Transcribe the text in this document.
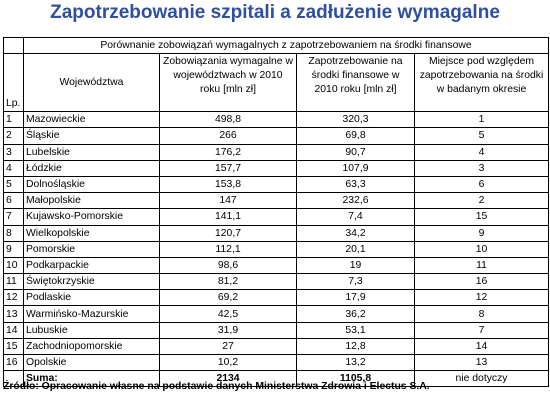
Zapotrzebowanie szpitali a zadłużenie wymagalne
	Porównanie zobowiązań wymagalnych z zapotrzebowaniem na środki finansowe			
Lp.	Województwa	Zobowiązania wymagalne w województwach w 2010 roku [mln zł]	Zapotrzebowanie na środki finansowe w 2010 roku [mln zł]	Miejsce pod względem zapotrzebowania na środki w badanym okresie
1	Mazowieckie	498,8	320,3	1
2	Śląskie	266	69,8	5
3	Lubelskie	176,2	90,7	4
4	Łódzkie	157,7	107,9	3
5	Dolnośląskie	153,8	63,3	6
6	Małopolskie	147	232,6	2
7	Kujawsko-Pomorskie	141,1	7,4	15
8	Wielkopolskie	120,7	34,2	9
9	Pomorskie	112,1	20,1	10
10	Podkarpackie	98,6	19	11
11	Świętokrzyskie	81,2	7,3	16
12	Podlaskie	69,2	17,9	12
13	Warmińsko-Mazurskie	42,5	36,2	8
14	Lubuskie	31,9	53,1	7
15	Zachodniopomorskie	27	12,8	14
16	Opolskie	10,2	13,2	13
	Suma:	2134	1105,8	nie dotyczy
Źródło: Opracowanie własne na podstawie danych Ministerstwa Zdrowia i Electus S.A.
